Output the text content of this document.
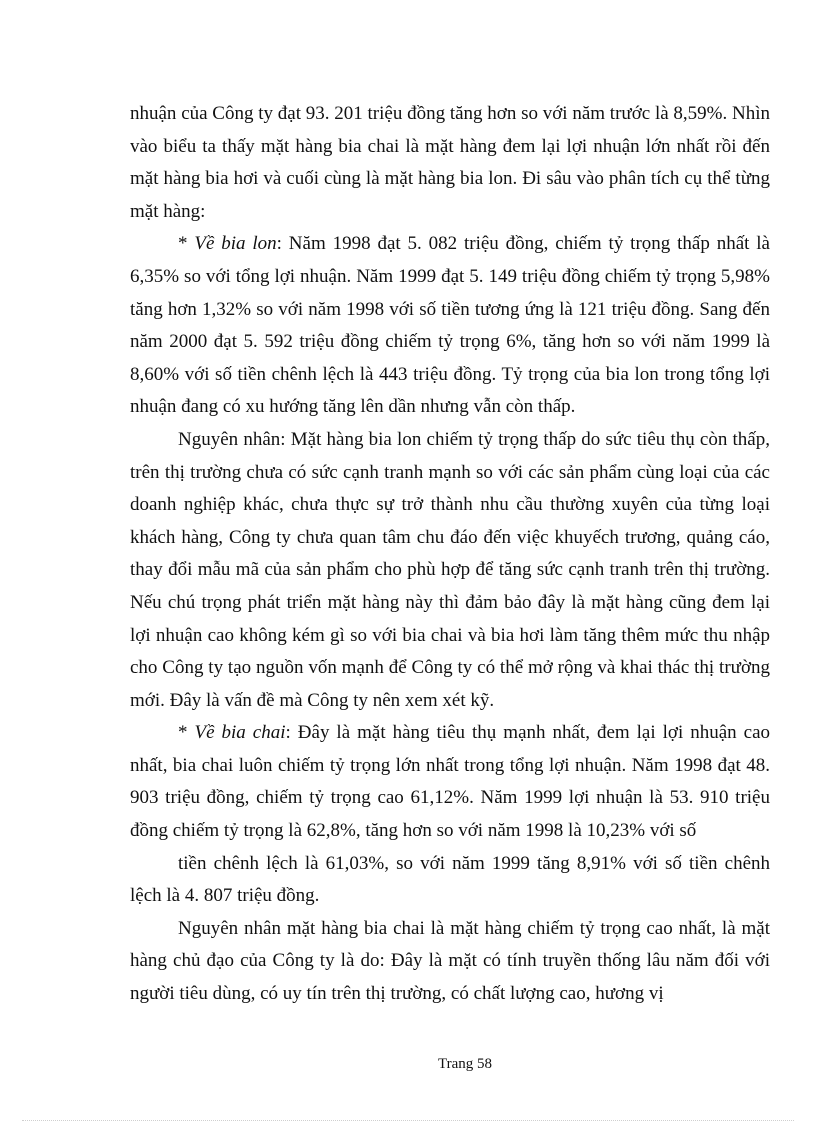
nhuận của Công ty đạt 93. 201 triệu đồng tăng hơn so với năm trước là 8,59%. Nhìn vào biểu ta thấy mặt hàng bia chai là mặt hàng đem lại lợi nhuận lớn nhất rồi đến mặt hàng bia hơi và cuối cùng là mặt hàng bia lon. Đi sâu vào phân tích cụ thể từng mặt hàng:

* Về bia lon: Năm 1998 đạt 5. 082 triệu đồng, chiếm tỷ trọng thấp nhất là 6,35% so với tổng lợi nhuận. Năm 1999 đạt 5. 149 triệu đồng chiếm tỷ trọng 5,98% tăng hơn 1,32% so với năm 1998 với số tiền tương ứng là 121 triệu đồng. Sang đến năm 2000 đạt 5. 592 triệu đồng chiếm tỷ trọng 6%, tăng hơn so với năm 1999 là 8,60% với số tiền chênh lệch là 443 triệu đồng. Tỷ trọng của bia lon trong tổng lợi nhuận đang có xu hướng tăng lên dần nhưng vẫn còn thấp.

Nguyên nhân: Mặt hàng bia lon chiếm tỷ trọng thấp do sức tiêu thụ còn thấp, trên thị trường chưa có sức cạnh tranh mạnh so với các sản phẩm cùng loại của các doanh nghiệp khác, chưa thực sự trở thành nhu cầu thường xuyên của từng loại khách hàng, Công ty chưa quan tâm chu đáo đến việc khuyếch trương, quảng cáo, thay đổi mẫu mã của sản phẩm cho phù hợp để tăng sức cạnh tranh trên thị trường. Nếu chú trọng phát triển mặt hàng này thì đảm bảo đây là mặt hàng cũng đem lại lợi nhuận cao không kém gì so với bia chai và bia hơi làm tăng thêm mức thu nhập cho Công ty tạo nguồn vốn mạnh để Công ty có thể mở rộng và khai thác thị trường mới. Đây là vấn đề mà Công ty nên xem xét kỹ.

* Về bia chai: Đây là mặt hàng tiêu thụ mạnh nhất, đem lại lợi nhuận cao nhất, bia chai luôn chiếm tỷ trọng lớn nhất trong tổng lợi nhuận. Năm 1998 đạt 48. 903 triệu đồng, chiếm tỷ trọng cao 61,12%. Năm 1999 lợi nhuận là 53. 910 triệu đồng chiếm tỷ trọng là 62,8%, tăng hơn so với năm 1998 là 10,23% với số

tiền chênh lệch là 61,03%, so với năm 1999 tăng 8,91% với số tiền chênh lệch là 4. 807 triệu đồng.

Nguyên nhân mặt hàng bia chai là mặt hàng chiếm tỷ trọng cao nhất, là mặt hàng chủ đạo của Công ty là do: Đây là mặt có tính truyền thống lâu năm đối với người tiêu dùng, có uy tín trên thị trường, có chất lượng cao, hương vị

Trang 58
